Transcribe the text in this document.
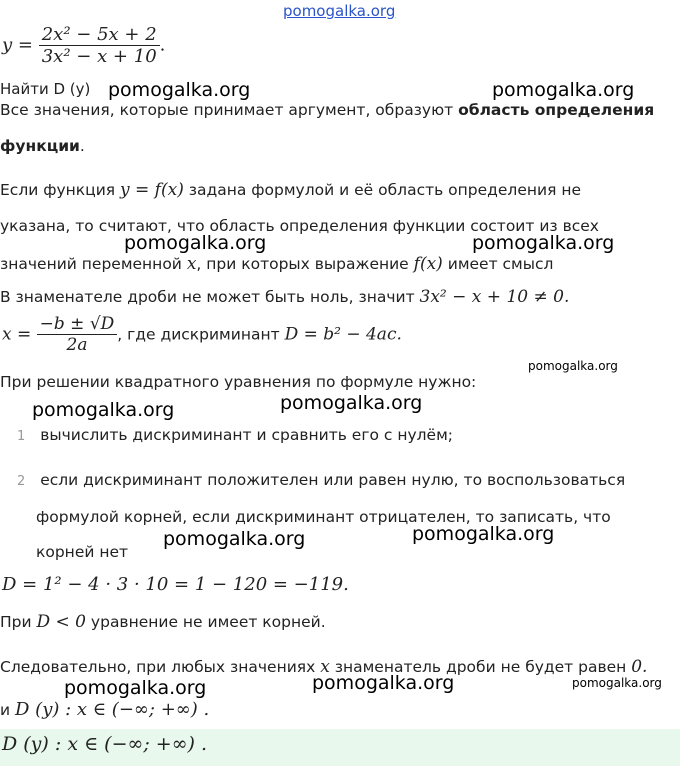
pomogalka.org
$y = \frac{\text{2x² − 5x + 2}}{\text{3x² − x + 10}}$ .
Найти D (y)
Все значения, которые принимает аргумент, образуют область определения
функции.
Если функция y = f(x) задана формулой и её область определения не
указана, то считают, что область определения функции состоит из всех
значений переменной x, при которых выражение f(x) имеет смысл
В знаменателе дроби не может быть ноль, значит 3x² − x + 10 ≠ 0.
$x = \frac{-b \pm √D}{2a}$ , где дискриминант D = b² − 4ac.
При решении квадратного уравнения по формуле нужно:
1 вычислить дискриминант и сравнить его с нулём;
2 если дискриминант положителен или равен нулю, то воспользоваться
формулой корней, если дискриминант отрицателен, то записать, что
корней нет
D = 1² − 4 · 3 · 10 = 1 − 120 = −119.
При D < 0 уравнение не имеет корней.
Следовательно, при любых значениях x знаменатель дроби не будет равен 0.
и D (y) : x ∈ (−∞; +∞) .
D (y) : x ∈ (−∞; +∞) .
pomogalka.org	pomogalka.org
pomogalka.org	pomogalka.org
pomogalka.org
pomogalka.org	pomogalka.org
pomogalka.org	pomogalka.org
pomogalka.org	pomogalka.org	pomogalka.org
